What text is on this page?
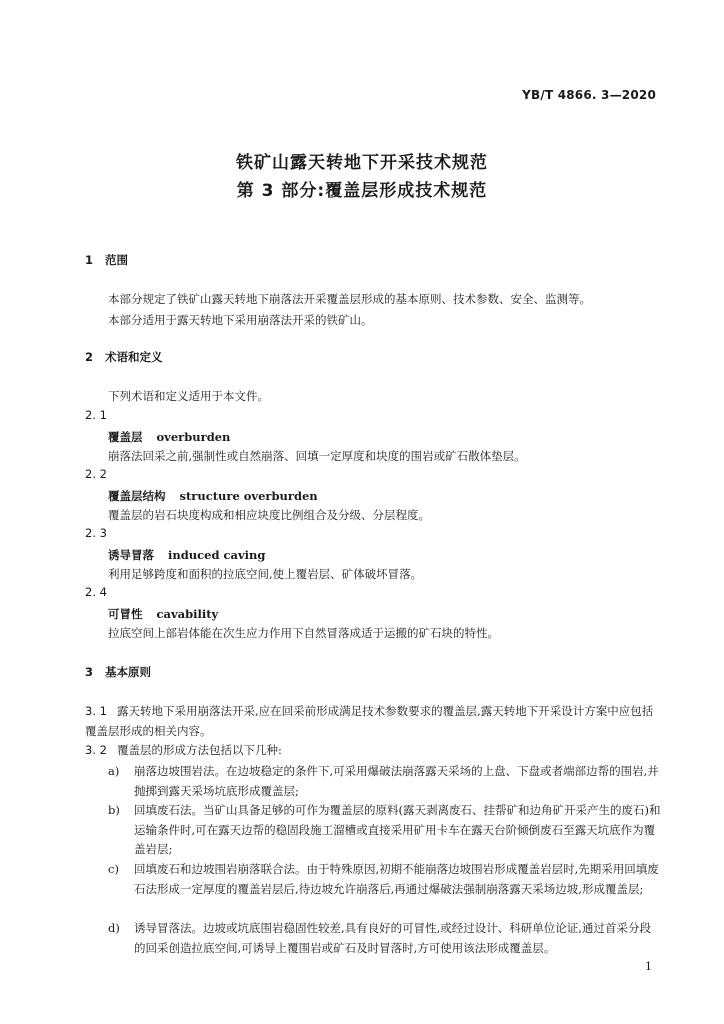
YB/T 4866. 3—2020
铁矿山露天转地下开采技术规范
第 3 部分:覆盖层形成技术规范
1 范围
本部分规定了铁矿山露天转地下崩落法开采覆盖层形成的基本原则、技术参数、安全、监测等。
本部分适用于露天转地下采用崩落法开采的铁矿山。
2 术语和定义
下列术语和定义适用于本文件。
2. 1
覆盖层 overburden
崩落法回采之前,强制性或自然崩落、回填一定厚度和块度的围岩或矿石散体垫层。
2. 2
覆盖层结构 structure overburden
覆盖层的岩石块度构成和相应块度比例组合及分级、分层程度。
2. 3
诱导冒落 induced caving
利用足够跨度和面积的拉底空间,使上覆岩层、矿体破坏冒落。
2. 4
可冒性 cavability
拉底空间上部岩体能在次生应力作用下自然冒落成适于运搬的矿石块的特性。
3 基本原则
3. 1 露天转地下采用崩落法开采,应在回采前形成满足技术参数要求的覆盖层,露天转地下开采设计方案中应包括覆盖层形成的相关内容。
3. 2 覆盖层的形成方法包括以下几种:
a) 崩落边坡围岩法。在边坡稳定的条件下,可采用爆破法崩落露天采场的上盘、下盘或者端部边帮的围岩,并抛掷到露天采场坑底形成覆盖层;
b) 回填废石法。当矿山具备足够的可作为覆盖层的原料(露天剥离废石、挂帮矿和边角矿开采产生的废石)和运输条件时,可在露天边帮的稳固段施工溜槽或直接采用矿用卡车在露天台阶倾倒废石至露天坑底作为覆盖岩层;
c) 回填废石和边坡围岩崩落联合法。由于特殊原因,初期不能崩落边坡围岩形成覆盖岩层时,先期采用回填废石法形成一定厚度的覆盖岩层后,待边坡允许崩落后,再通过爆破法强制崩落露天采场边坡,形成覆盖层;
d) 诱导冒落法。边坡或坑底围岩稳固性较差,具有良好的可冒性,或经过设计、科研单位论证,通过首采分段的回采创造拉底空间,可诱导上覆围岩或矿石及时冒落时,方可使用该法形成覆盖层。
1
